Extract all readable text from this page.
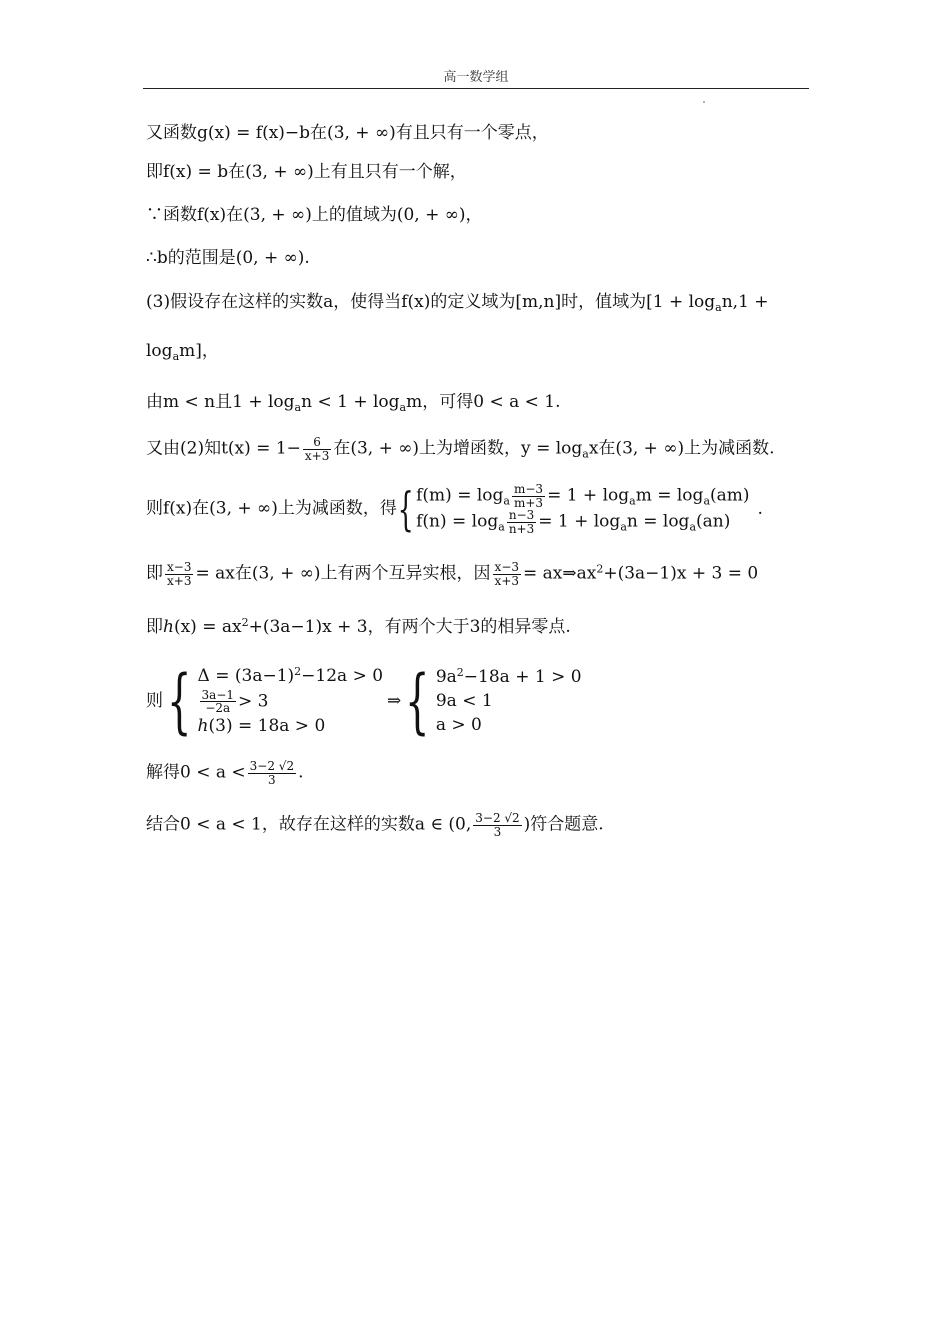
高一数学组
又函数g(x) = f(x)−b在(3, + ∞)有且只有一个零点，
即f(x) = b在(3, + ∞)上有且只有一个解，
∵函数f(x)在(3, + ∞)上的值域为(0, + ∞)，
∴b的范围是(0, + ∞).
(3)假设存在这样的实数a，使得当f(x)的定义域为[m,n]时，值域为[$1 + \log_an,1$ +
$\log_am$]，
由m < n且$1 + \log_an < 1 + \log_am$，可得0 < a < 1.
又由(2)知$t(x) = 1- \frac{6}{x+3}$ 在(3, + ∞)上为增函数，$y = \log_ax$在(3, + ∞)上为减函数.
则f(x)在(3, + ∞)上为减函数，得{ $f(m) = \log_a \frac{m-3}{m+3} = 1 + \log_am = \log_a(am)$
$f(n) = \log_a \frac{n-3}{n+3} = 1 + \log_an = \log_a(an)$
.
即 $\frac{x-3}{x+3}$ = ax在(3, + ∞)上有两个互异实根，因 $\frac{x-3}{x+3}$ = $ax\Rightarrow ax^2+(3a-1)x + 3 = 0$
即$h(x) = ax^2+(3a-1)x + 3$，有两个大于3的相异零点.
则{ $\Delta = (3a-1)^2-12a > 0$
$\frac{3a-1}{-2a} > 3$
h(3) = 18a > 0
⇒{ $9a^2-18a + 1 > 0$
9a < 1
a > 0
解得$0 < a < \frac{3-2 √2}{3}$ .
结合0 < a < 1，故存在这样的实数a ∈ (0, $\frac{3-2 √2}{3}$ )符合题意.
